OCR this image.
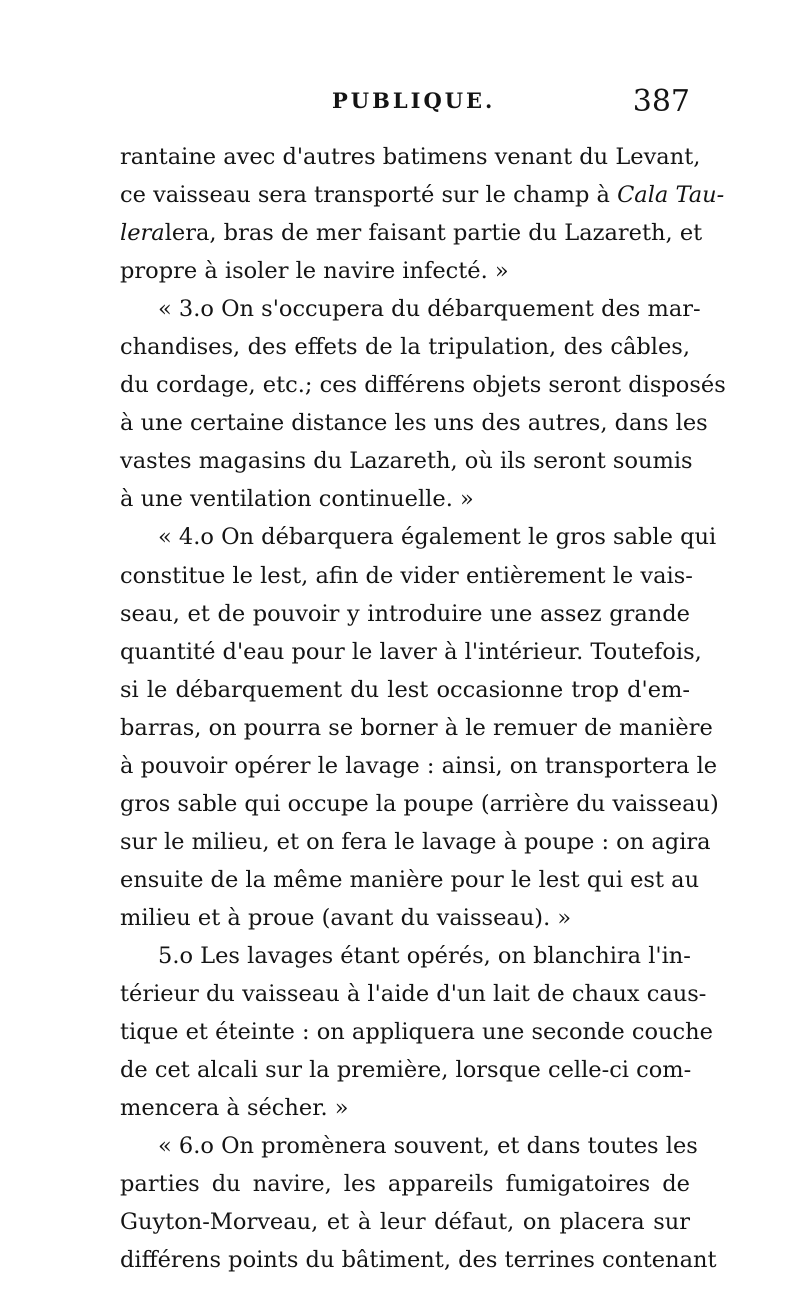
PUBLIQUE.	387
rantaine avec d'autres batimens venant du Levant,
ce vaisseau sera transporté sur le champ à Cala Tau-
leralera, bras de mer faisant partie du Lazareth, et
propre à isoler le navire infecté. »
« 3.o On s'occupera du débarquement des mar-
chandises, des effets de la tripulation, des câbles,
du cordage, etc.; ces différens objets seront disposés
à une certaine distance les uns des autres, dans les
vastes magasins du Lazareth, où ils seront soumis
à une ventilation continuelle. »
« 4.o On débarquera également le gros sable qui
constitue le lest, afin de vider entièrement le vais-
seau, et de pouvoir y introduire une assez grande
quantité d'eau pour le laver à l'intérieur. Toutefois,
si le débarquement du lest occasionne trop d'em-
barras, on pourra se borner à le remuer de manière
à pouvoir opérer le lavage : ainsi, on transportera le
gros sable qui occupe la poupe (arrière du vaisseau)
sur le milieu, et on fera le lavage à poupe : on agira
ensuite de la même manière pour le lest qui est au
milieu et à proue (avant du vaisseau). »
5.o Les lavages étant opérés, on blanchira l'in-
térieur du vaisseau à l'aide d'un lait de chaux caus-
tique et éteinte : on appliquera une seconde couche
de cet alcali sur la première, lorsque celle-ci com-
mencera à sécher. »
« 6.o On promènera souvent, et dans toutes les
parties du navire, les appareils fumigatoires de
Guyton-Morveau, et à leur défaut, on placera sur
différens points du bâtiment, des terrines contenant
